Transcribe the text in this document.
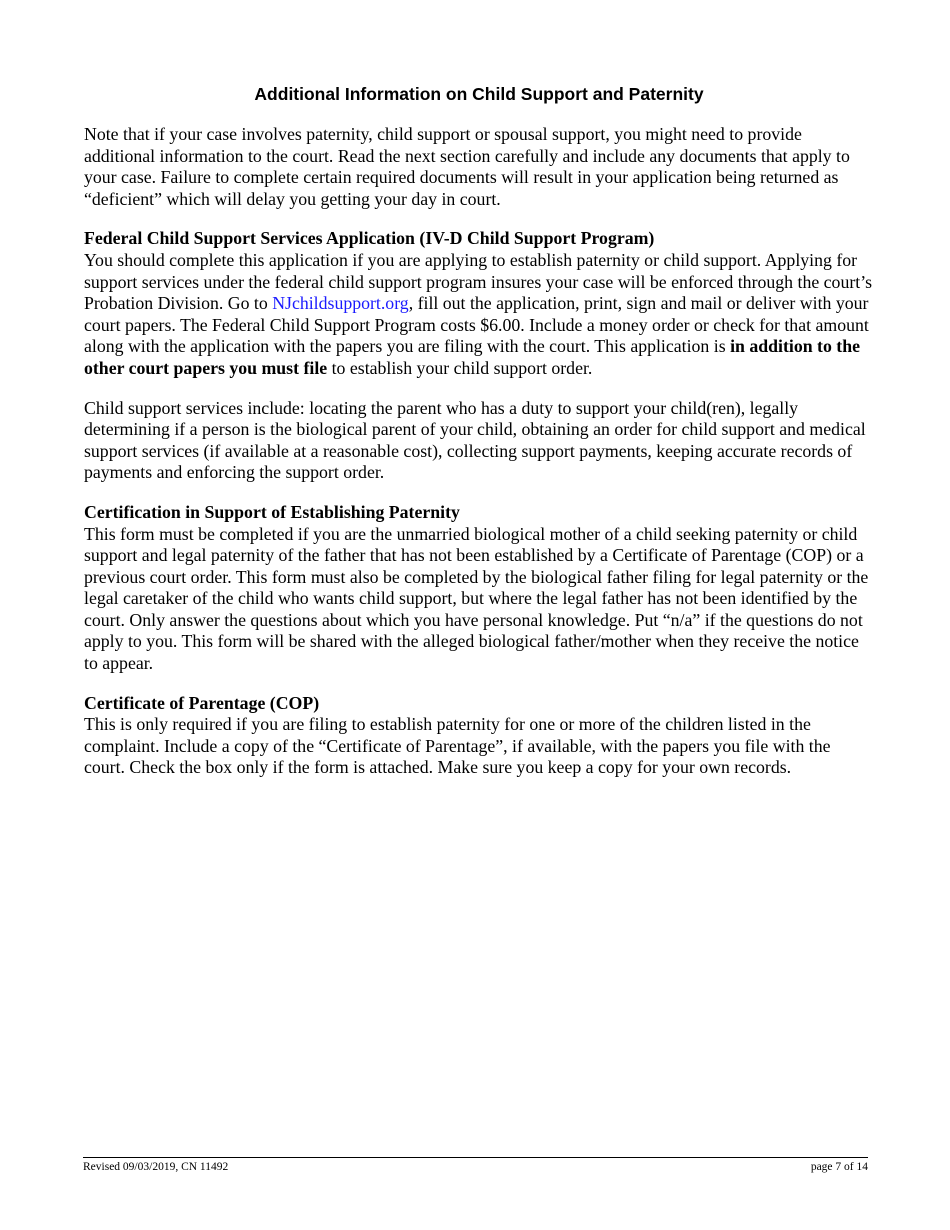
Additional Information on Child Support and Paternity

Note that if your case involves paternity, child support or spousal support, you might need to provide additional information to the court. Read the next section carefully and include any documents that apply to your case. Failure to complete certain required documents will result in your application being returned as “deficient” which will delay you getting your day in court.

Federal Child Support Services Application (IV-D Child Support Program)

You should complete this application if you are applying to establish paternity or child support. Applying for support services under the federal child support program insures your case will be enforced through the court’s Probation Division. Go to NJchildsupport.org, fill out the application, print, sign and mail or deliver with your court papers. The Federal Child Support Program costs $6.00. Include a money order or check for that amount along with the application with the papers you are filing with the court. This application is in addition to the other court papers you must file to establish your child support order.

Child support services include: locating the parent who has a duty to support your child(ren), legally determining if a person is the biological parent of your child, obtaining an order for child support and medical support services (if available at a reasonable cost), collecting support payments, keeping accurate records of payments and enforcing the support order.

Certification in Support of Establishing Paternity

This form must be completed if you are the unmarried biological mother of a child seeking paternity or child support and legal paternity of the father that has not been established by a Certificate of Parentage (COP) or a previous court order. This form must also be completed by the biological father filing for legal paternity or the legal caretaker of the child who wants child support, but where the legal father has not been identified by the court. Only answer the questions about which you have personal knowledge. Put “n/a” if the questions do not apply to you. This form will be shared with the alleged biological father/mother when they receive the notice to appear.

Certificate of Parentage (COP)

This is only required if you are filing to establish paternity for one or more of the children listed in the complaint. Include a copy of the “Certificate of Parentage”, if available, with the papers you file with the court. Check the box only if the form is attached. Make sure you keep a copy for your own records.

Revised 09/03/2019, CN 11492	page 7 of 14
